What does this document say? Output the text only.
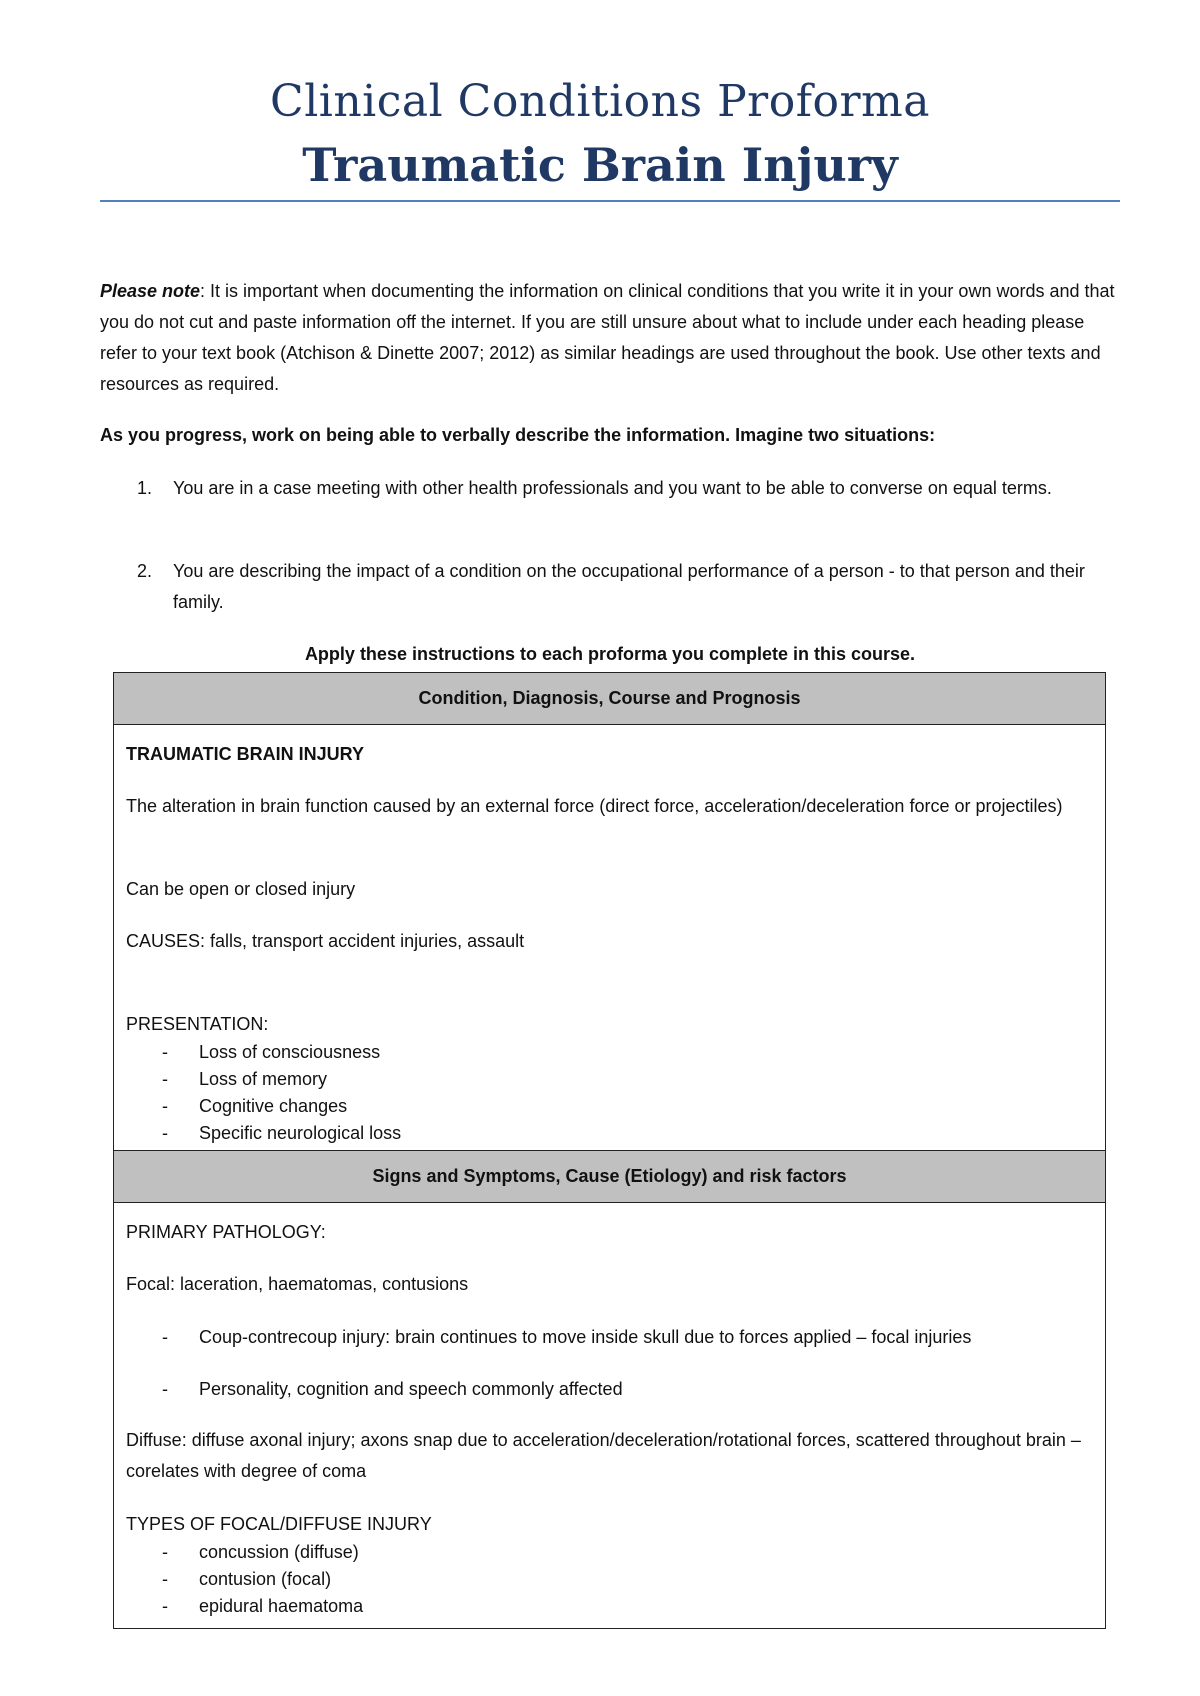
Clinical Conditions Proforma
Traumatic Brain Injury
Please note: It is important when documenting the information on clinical conditions that you write it in your own words and that you do not cut and paste information off the internet. If you are still unsure about what to include under each heading please refer to your text book (Atchison & Dinette 2007; 2012) as similar headings are used throughout the book. Use other texts and resources as required.
As you progress, work on being able to verbally describe the information. Imagine two situations:
1. You are in a case meeting with other health professionals and you want to be able to converse on equal terms.
2. You are describing the impact of a condition on the occupational performance of a person - to that person and their family.
Apply these instructions to each proforma you complete in this course.
Condition, Diagnosis, Course and Prognosis
TRAUMATIC BRAIN INJURY
The alteration in brain function caused by an external force (direct force, acceleration/deceleration force or projectiles)
Can be open or closed injury
CAUSES: falls, transport accident injuries, assault
PRESENTATION:
- Loss of consciousness
- Loss of memory
- Cognitive changes
- Specific neurological loss
Signs and Symptoms, Cause (Etiology) and risk factors
PRIMARY PATHOLOGY:
Focal: laceration, haematomas, contusions
- Coup-contrecoup injury: brain continues to move inside skull due to forces applied – focal injuries
- Personality, cognition and speech commonly affected
Diffuse: diffuse axonal injury; axons snap due to acceleration/deceleration/rotational forces, scattered throughout brain – corelates with degree of coma
TYPES OF FOCAL/DIFFUSE INJURY
- concussion (diffuse)
- contusion (focal)
- epidural haematoma
